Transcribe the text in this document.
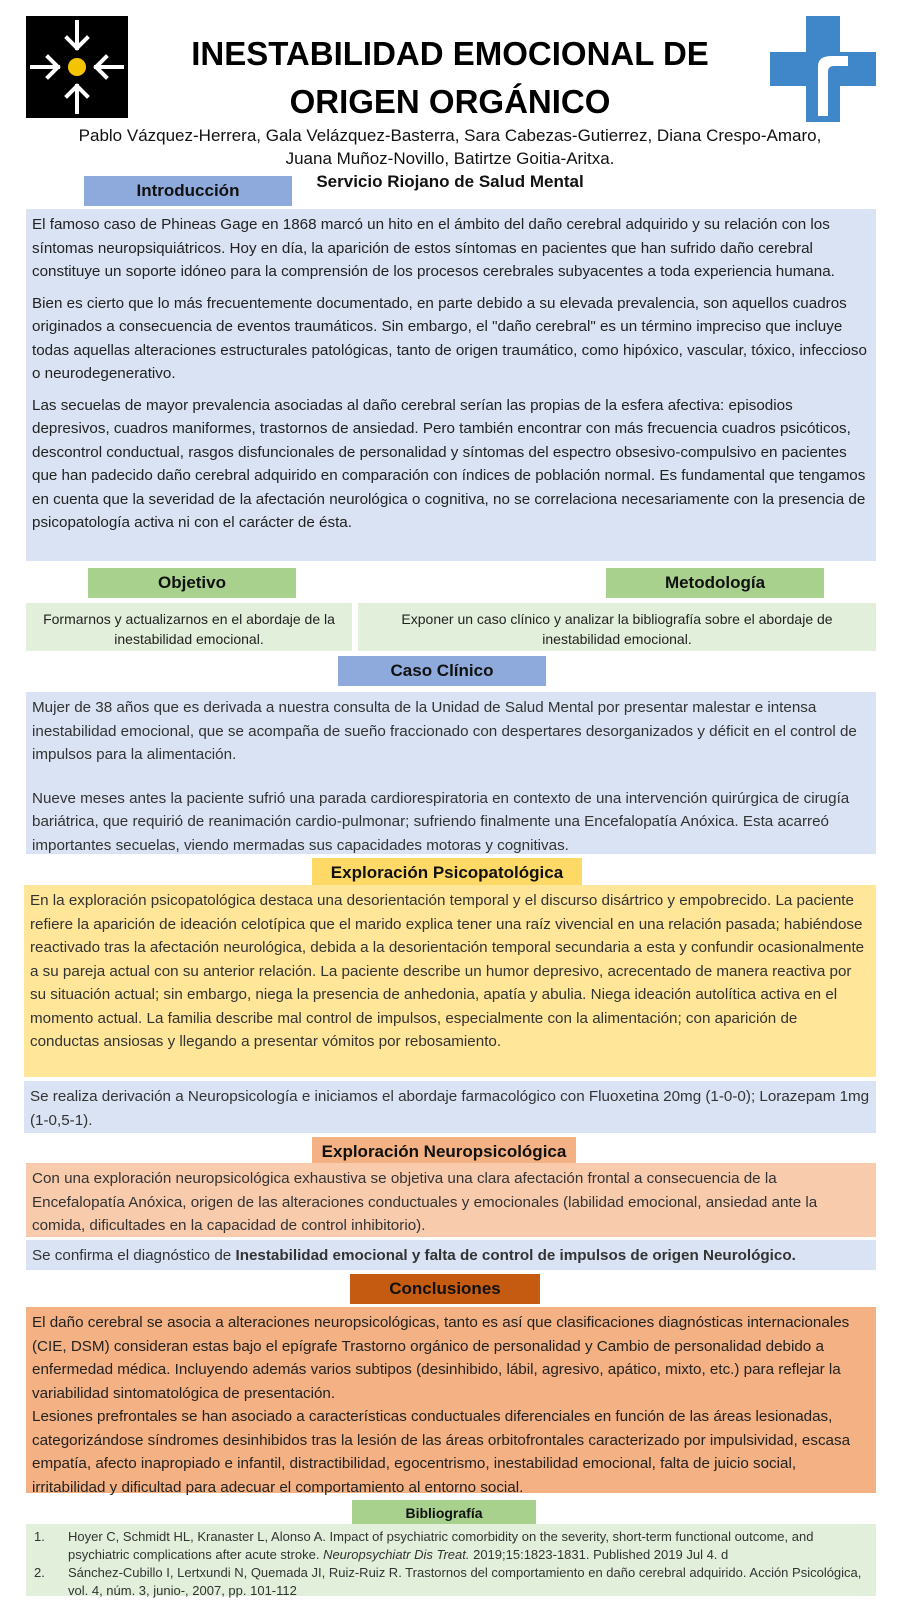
INESTABILIDAD EMOCIONAL DE
ORIGEN ORGÁNICO
Pablo Vázquez-Herrera, Gala Velázquez-Basterra, Sara Cabezas-Gutierrez, Diana Crespo-Amaro,
Juana Muñoz-Novillo, Batirtze Goitia-Aritxa.
Servicio Riojano de Salud Mental
Introducción

El famoso caso de Phineas Gage en 1868 marcó un hito en el ámbito del daño cerebral adquirido y su relación con los síntomas neuropsiquiátricos. Hoy en día, la aparición de estos síntomas en pacientes que han sufrido daño cerebral constituye un soporte idóneo para la comprensión de los procesos cerebrales subyacentes a toda experiencia humana.

Bien es cierto que lo más frecuentemente documentado, en parte debido a su elevada prevalencia, son aquellos cuadros originados a consecuencia de eventos traumáticos. Sin embargo, el "daño cerebral" es un término impreciso que incluye todas aquellas alteraciones estructurales patológicas, tanto de origen traumático, como hipóxico, vascular, tóxico, infeccioso o neurodegenerativo.

Las secuelas de mayor prevalencia asociadas al daño cerebral serían las propias de la esfera afectiva: episodios depresivos, cuadros maniformes, trastornos de ansiedad. Pero también encontrar con más frecuencia cuadros psicóticos, descontrol conductual, rasgos disfuncionales de personalidad y síntomas del espectro obsesivo-compulsivo en pacientes que han padecido daño cerebral adquirido en comparación con índices de población normal. Es fundamental que tengamos en cuenta que la severidad de la afectación neurológica o cognitiva, no se correlaciona necesariamente con la presencia de psicopatología activa ni con el carácter de ésta.

Objetivo	Metodología
Formarnos y actualizarnos en el abordaje de la inestabilidad emocional.
Exponer un caso clínico y analizar la bibliografía sobre el abordaje de inestabilidad emocional.
Caso Clínico

Mujer de 38 años que es derivada a nuestra consulta de la Unidad de Salud Mental por presentar malestar e intensa inestabilidad emocional, que se acompaña de sueño fraccionado con despertares desorganizados y déficit en el control de impulsos para la alimentación.

Nueve meses antes la paciente sufrió una parada cardiorespiratoria en contexto de una intervención quirúrgica de cirugía bariátrica, que requirió de reanimación cardio-pulmonar; sufriendo finalmente una Encefalopatía Anóxica. Esta acarreó importantes secuelas, viendo mermadas sus capacidades motoras y cognitivas.

Exploración Psicopatológica
En la exploración psicopatológica destaca una desorientación temporal y el discurso disártrico y empobrecido. La paciente refiere la aparición de ideación celotípica que el marido explica tener una raíz vivencial en una relación pasada; habiéndose reactivado tras la afectación neurológica, debida a la desorientación temporal secundaria a esta y confundir ocasionalmente a su pareja actual con su anterior relación. La paciente describe un humor depresivo, acrecentado de manera reactiva por su situación actual; sin embargo, niega la presencia de anhedonia, apatía y abulia. Niega ideación autolítica activa en el momento actual. La familia describe mal control de impulsos, especialmente con la alimentación; con aparición de conductas ansiosas y llegando a presentar vómitos por rebosamiento.
Se realiza derivación a Neuropsicología e iniciamos el abordaje farmacológico con Fluoxetina 20mg (1-0-0); Lorazepam 1mg (1-0,5-1).
Exploración Neuropsicológica
Con una exploración neuropsicológica exhaustiva se objetiva una clara afectación frontal a consecuencia de la Encefalopatía Anóxica, origen de las alteraciones conductuales y emocionales (labilidad emocional, ansiedad ante la comida, dificultades en la capacidad de control inhibitorio).
Se confirma el diagnóstico de Inestabilidad emocional y falta de control de impulsos de origen Neurológico.
Conclusiones
El daño cerebral se asocia a alteraciones neuropsicológicas, tanto es así que clasificaciones diagnósticas internacionales (CIE, DSM) consideran estas bajo el epígrafe Trastorno orgánico de personalidad y Cambio de personalidad debido a enfermedad médica. Incluyendo además varios subtipos (desinhibido, lábil, agresivo, apático, mixto, etc.) para reflejar la variabilidad sintomatológica de presentación.
Lesiones prefrontales se han asociado a características conductuales diferenciales en función de las áreas lesionadas, categorizándose síndromes desinhibidos tras la lesión de las áreas orbitofrontales caracterizado por impulsividad, escasa empatía, afecto inapropiado e infantil, distractibilidad, egocentrismo, inestabilidad emocional, falta de juicio social, irritabilidad y dificultad para adecuar el comportamiento al entorno social.
Bibliografía
1.	Hoyer C, Schmidt HL, Kranaster L, Alonso A. Impact of psychiatric comorbidity on the severity, short-term functional outcome, and psychiatric complications after acute stroke. Neuropsychiatr Dis Treat. 2019;15:1823-1831. Published 2019 Jul 4. d
2.	Sánchez-Cubillo I, Lertxundi N, Quemada JI, Ruiz-Ruiz R. Trastornos del comportamiento en daño cerebral adquirido. Acción Psicológica, vol. 4, núm. 3, junio-, 2007, pp. 101-112
